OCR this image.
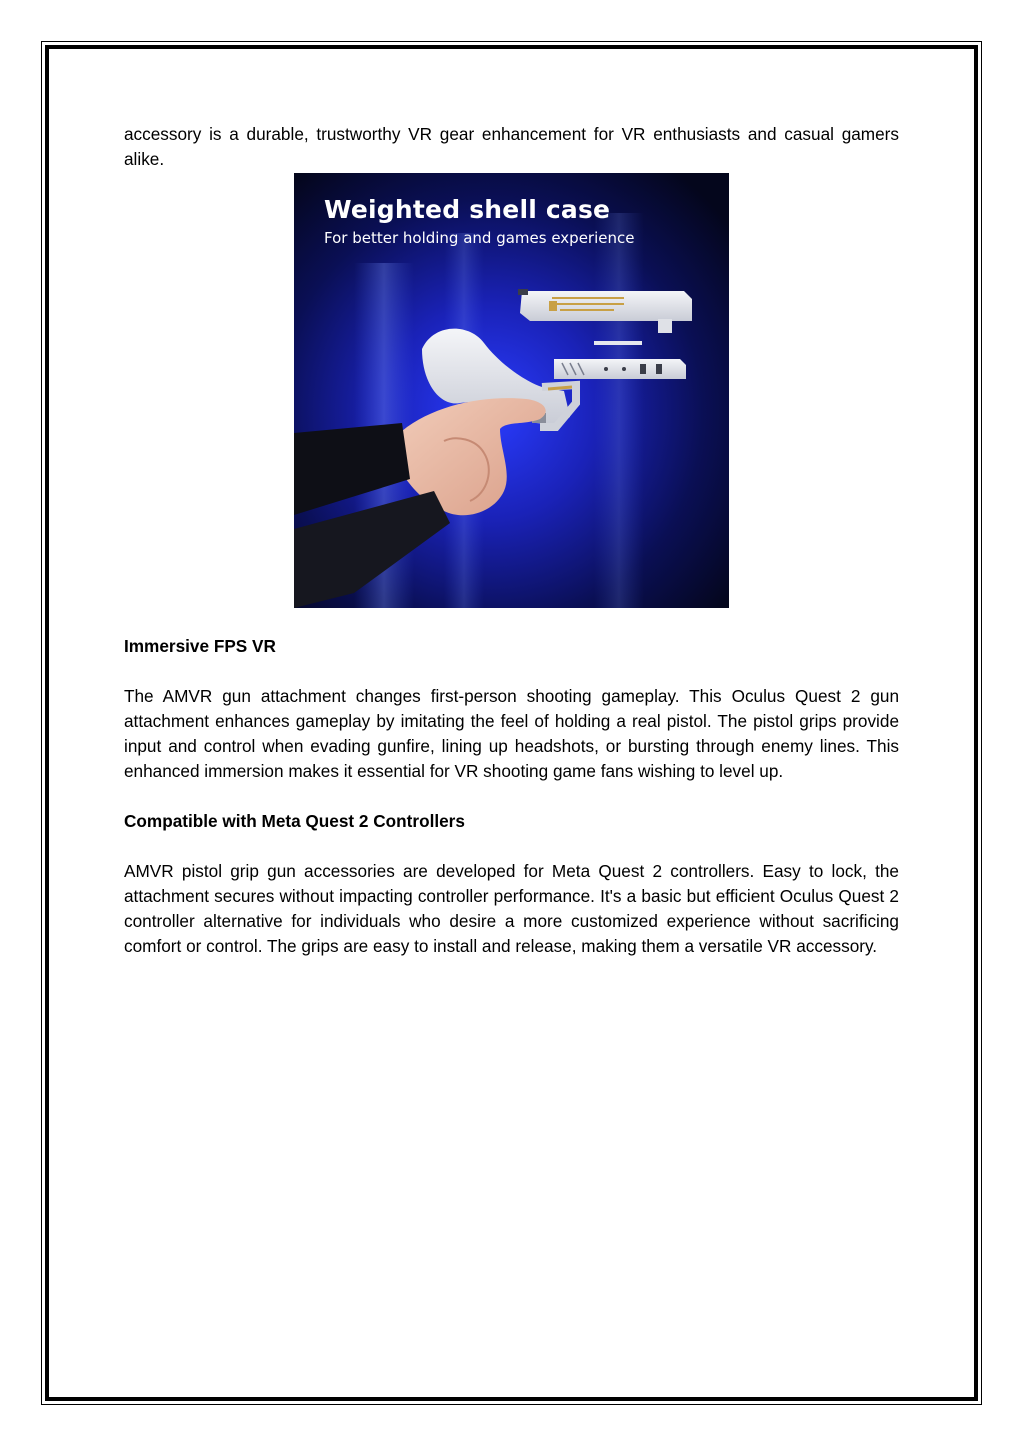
accessory is a durable, trustworthy VR gear enhancement for VR enthusiasts and casual gamers alike.

Weighted shell case
For better holding and games experience
Immersive FPS VR

The AMVR gun attachment changes first-person shooting gameplay. This Oculus Quest 2 gun attachment enhances gameplay by imitating the feel of holding a real pistol. The pistol grips provide input and control when evading gunfire, lining up headshots, or bursting through enemy lines. This enhanced immersion makes it essential for VR shooting game fans wishing to level up.

Compatible with Meta Quest 2 Controllers

AMVR pistol grip gun accessories are developed for Meta Quest 2 controllers. Easy to lock, the attachment secures without impacting controller performance. It's a basic but efficient Oculus Quest 2 controller alternative for individuals who desire a more customized experience without sacrificing comfort or control. The grips are easy to install and release, making them a versatile VR accessory.
